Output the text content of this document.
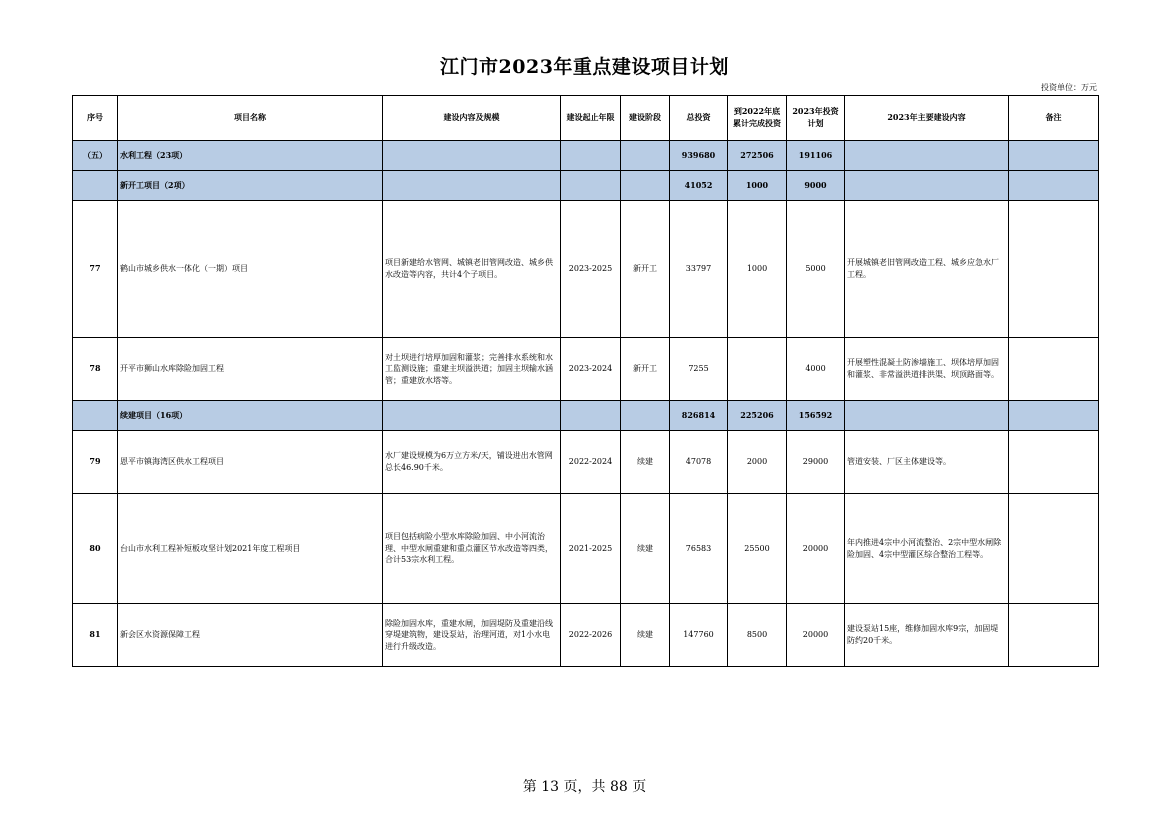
江门市2023年重点建设项目计划
投资单位：万元
序号	项目名称	建设内容及规模	建设起止年限	建设阶段	总投资	到2022年底累计完成投资	2023年投资计划	2023年主要建设内容	备注
（五）	水利工程（23项）				939680	272506	191106		
	新开工项目（2项）				41052	1000	9000		
77	鹤山市城乡供水一体化（一期）项目	项目新建给水管网、城镇老旧管网改造、城乡供水改造等内容，共计4个子项目。	2023-2025	新开工	33797	1000	5000	开展城镇老旧管网改造工程、城乡应急水厂工程。	
78	开平市狮山水库除险加固工程	对土坝进行培厚加固和灌浆；完善排水系统和水工监测设施；重建主坝溢洪道；加固主坝输水涵管；重建放水塔等。	2023-2024	新开工	7255		4000	开展塑性混凝土防渗墙施工、坝体培厚加固和灌浆、非常溢洪道排洪渠、坝顶路面等。	
	续建项目（16项）				826814	225206	156592		
79	恩平市镇海湾区供水工程项目	水厂建设规模为6万立方米/天，铺设进出水管网总长46.90千米。	2022-2024	续建	47078	2000	29000	管道安装、厂区主体建设等。	
80	台山市水利工程补短板攻坚计划2021年度工程项目	项目包括病险小型水库除险加固、中小河流治理、中型水闸重建和重点灌区节水改造等四类，合计53宗水利工程。	2021-2025	续建	76583	25500	20000	年内推进4宗中小河流整治、2宗中型水闸除险加固、4宗中型灌区综合整治工程等。	
81	新会区水资源保障工程	除险加固水库，重建水闸，加固堤防及重建沿线穿堤建筑物，建设泵站，治理河道，对1小水电进行升级改造。	2022-2026	续建	147760	8500	20000	建设泵站15座，维修加固水库9宗，加固堤防约20千米。	
第 13 页，共 88 页
